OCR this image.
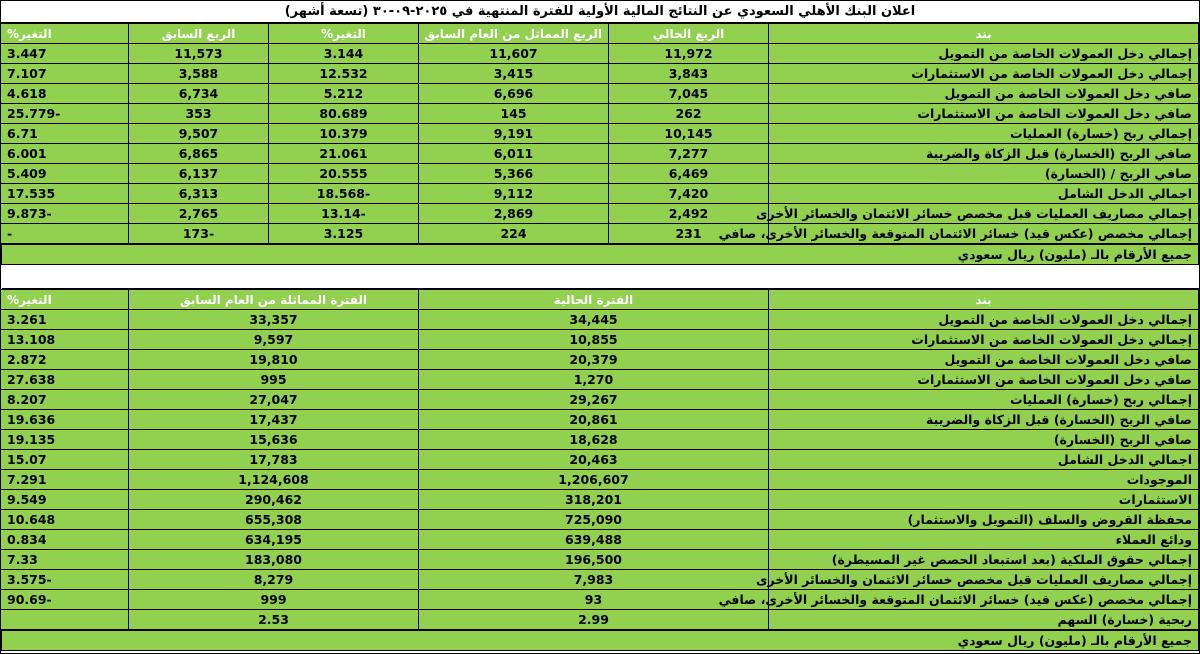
اعلان البنك الأهلي السعودي عن النتائج المالية الأولية للفترة المنتهية في ٢٠٢٥-٠٩-٣٠ (تسعة أشهر)
بند	الربع الحالي	الربع المماثل من العام السابق	التغير%	الربع السابق	التغير%
إجمالي دخل العمولات الخاصة من التمويل	11,972	11,607	3.144	11,573	3.447
إجمالي دخل العمولات الخاصة من الاستثمارات	3,843	3,415	12.532	3,588	7.107
صافي دخل العمولات الخاصة من التمويل	7,045	6,696	5.212	6,734	4.618
صافي دخل العمولات الخاصة من الاستثمارات	262	145	80.689	353	-25.779
إجمالي ربح (خسارة) العمليات	10,145	9,191	10.379	9,507	6.71
صافي الربح (الخسارة) قبل الزكاة والضريبة	7,277	6,011	21.061	6,865	6.001
صافي الربح / (الخسارة)	6,469	5,366	20.555	6,137	5.409
اجمالي الدخل الشامل	7,420	9,112	-18.568	6,313	17.535
إجمالي مصاريف العمليات قبل مخصص خسائر الائتمان والخسائر الأخرى	2,492	2,869	-13.14	2,765	-9.873
إجمالي مخصص (عكس قيد) خسائر الائتمان المتوقعة والخسائر الأخرى، صافي	231	224	3.125	-173	-
جميع الأرقام بالـ (مليون) ريال سعودي

بند	الفترة الحالية	الفترة المماثلة من العام السابق	التغير%
إجمالي دخل العمولات الخاصة من التمويل	34,445	33,357	3.261
إجمالي دخل العمولات الخاصة من الاستثمارات	10,855	9,597	13.108
صافي دخل العمولات الخاصة من التمويل	20,379	19,810	2.872
صافي دخل العمولات الخاصة من الاستثمارات	1,270	995	27.638
إجمالي ربح (خسارة) العمليات	29,267	27,047	8.207
صافي الربح (الخسارة) قبل الزكاة والضريبة	20,861	17,437	19.636
صافي الربح (الخسارة)	18,628	15,636	19.135
اجمالي الدخل الشامل	20,463	17,783	15.07
الموجودات	1,206,607	1,124,608	7.291
الاستثمارات	318,201	290,462	9.549
محفظة القروض والسلف (التمويل والاستثمار)	725,090	655,308	10.648
ودائع العملاء	639,488	634,195	0.834
إجمالي حقوق الملكية (بعد استبعاد الحصص غير المسيطرة)	196,500	183,080	7.33
إجمالي مصاريف العمليات قبل مخصص خسائر الائتمان والخسائر الأخرى	7,983	8,279	-3.575
إجمالي مخصص (عكس قيد) خسائر الائتمان المتوقعة والخسائر الأخرى، صافي	93	999	-90.69
ربحية (خسارة) السهم	2.99	2.53	
جميع الأرقام بالـ (مليون) ريال سعودي
